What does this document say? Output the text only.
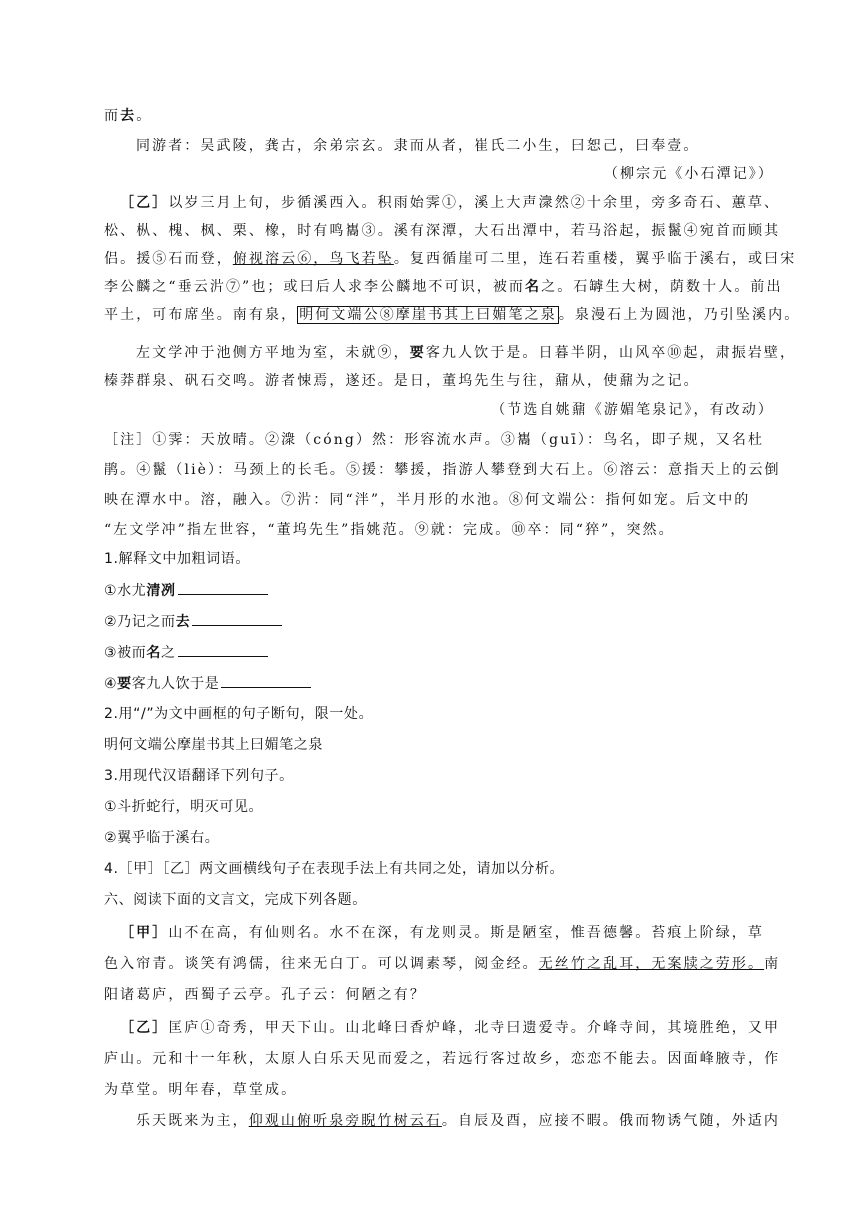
而去。
同游者：吴武陵，龚古，余弟宗玄。隶而从者，崔氏二小生，曰恕己，曰奉壹。
（柳宗元《小石潭记》）
［乙］以岁三月上旬，步循溪西入。积雨始霁①，溪上大声潨然②十余里，旁多奇石、蕙草、
松、枞、槐、枫、栗、橡，时有鸣巂③。溪有深潭，大石出潭中，若马浴起，振鬣④宛首而顾其
侣。援⑤石而登，俯视溶云⑥，鸟飞若坠。复西循崖可二里，连石若重楼，翼乎临于溪右，或曰宋
李公麟之“垂云沜⑦”也；或曰后人求李公麟地不可识，被而名之。石罅生大树，荫数十人。前出
平土，可布席坐。南有泉， 明何文端公⑧摩崖书其上曰媚笔之泉 。泉漫石上为圆池，乃引坠溪内。
左文学冲于池侧方平地为室，未就⑨，要客九人饮于是。日暮半阴，山风卒⑩起，肃振岩壁，
榛莽群泉、矾石交鸣。游者悚焉，遂还。是日，董坞先生与往，鼐从，使鼐为之记。
（节选自姚鼐《游媚笔泉记》，有改动）
［注］①霁：天放晴。②潨（cóng）然：形容流水声。③巂（guī）：鸟名，即子规，又名杜
鹃。④鬣（liè）：马颈上的长毛。⑤援：攀援，指游人攀登到大石上。⑥溶云：意指天上的云倒
映在潭水中。溶，融入。⑦沜：同“泮”，半月形的水池。⑧何文端公：指何如宠。后文中的
“左文学冲”指左世容，“董坞先生”指姚范。⑨就：完成。⑩卒：同“猝”，突然。
1.解释文中加粗词语。
①水尤清冽
②乃记之而去
③被而名之
④要客九人饮于是
2.用“/”为文中画框的句子断句，限一处。
明何文端公摩崖书其上曰媚笔之泉
3.用现代汉语翻译下列句子。
①斗折蛇行，明灭可见。
②翼乎临于溪右。
4.［甲］［乙］两文画横线句子在表现手法上有共同之处，请加以分析。
六、阅读下面的文言文，完成下列各题。
［甲］山不在高，有仙则名。水不在深，有龙则灵。斯是陋室，惟吾德馨。苔痕上阶绿，草
色入帘青。谈笑有鸿儒，往来无白丁。可以调素琴，阅金经。无丝竹之乱耳，无案牍之劳形。南
阳诸葛庐，西蜀子云亭。孔子云：何陋之有？
［乙］匡庐①奇秀，甲天下山。山北峰曰香炉峰，北寺曰遗爱寺。介峰寺间，其境胜绝，又甲
庐山。元和十一年秋，太原人白乐天见而爱之，若远行客过故乡，恋恋不能去。因面峰腋寺，作
为草堂。明年春，草堂成。
乐天既来为主，仰观山俯听泉旁睨竹树云石。自辰及酉，应接不暇。俄而物诱气随，外适内
